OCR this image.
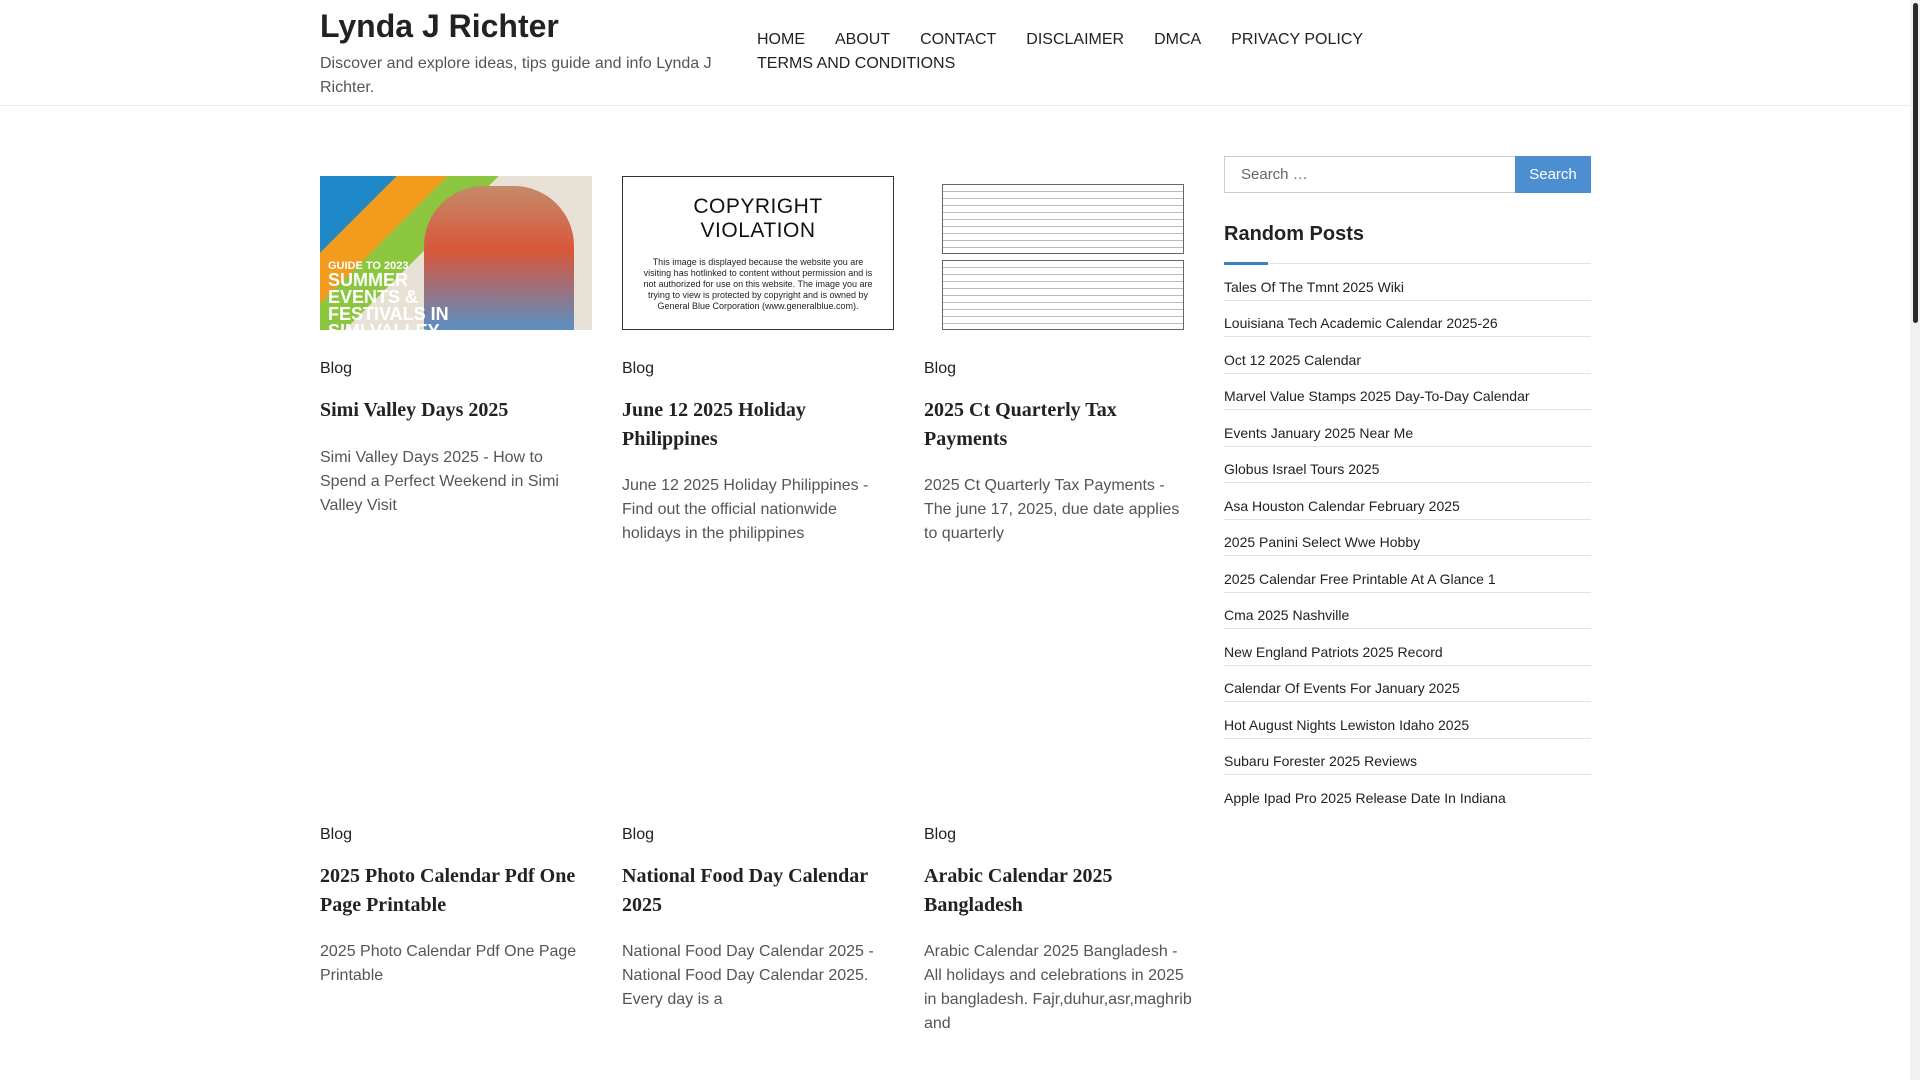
Lynda J Richter
Discover and explore ideas, tips guide and info Lynda J Richter.
HOME ABOUT CONTACT DISCLAIMER DMCA PRIVACY POLICY
TERMS AND CONDITIONS
GUIDE TO 2023
SUMMER EVENTS & FESTIVALS IN SIMI VALLEY
Blog
Simi Valley Days 2025

Simi Valley Days 2025 - How to Spend a Perfect Weekend in Simi Valley Visit

COPYRIGHT VIOLATION
This image is displayed because the website you are visiting has hotlinked to content without permission and is not authorized for use on this website. The image you are trying to view is protected by copyright and is owned by General Blue Corporation (www.generalblue.com).
Blog
June 12 2025 Holiday Philippines

June 12 2025 Holiday Philippines - Find out the official nationwide holidays in the philippines

Blog
2025 Ct Quarterly Tax Payments

2025 Ct Quarterly Tax Payments - The june 17, 2025, due date applies to quarterly

Blog
2025 Photo Calendar Pdf One Page Printable

2025 Photo Calendar Pdf One Page Printable

Blog
National Food Day Calendar 2025

National Food Day Calendar 2025 - National Food Day Calendar 2025. Every day is a

Blog
Arabic Calendar 2025 Bangladesh

Arabic Calendar 2025 Bangladesh - All holidays and celebrations in 2025 in bangladesh. Fajr,duhur,asr,maghrib and

Search …
Search
Random Posts
Tales Of The Tmnt 2025 Wiki
Louisiana Tech Academic Calendar 2025-26
Oct 12 2025 Calendar
Marvel Value Stamps 2025 Day-To-Day Calendar
Events January 2025 Near Me
Globus Israel Tours 2025
Asa Houston Calendar February 2025
2025 Panini Select Wwe Hobby
2025 Calendar Free Printable At A Glance 1
Cma 2025 Nashville
New England Patriots 2025 Record
Calendar Of Events For January 2025
Hot August Nights Lewiston Idaho 2025
Subaru Forester 2025 Reviews
Apple Ipad Pro 2025 Release Date In Indiana
